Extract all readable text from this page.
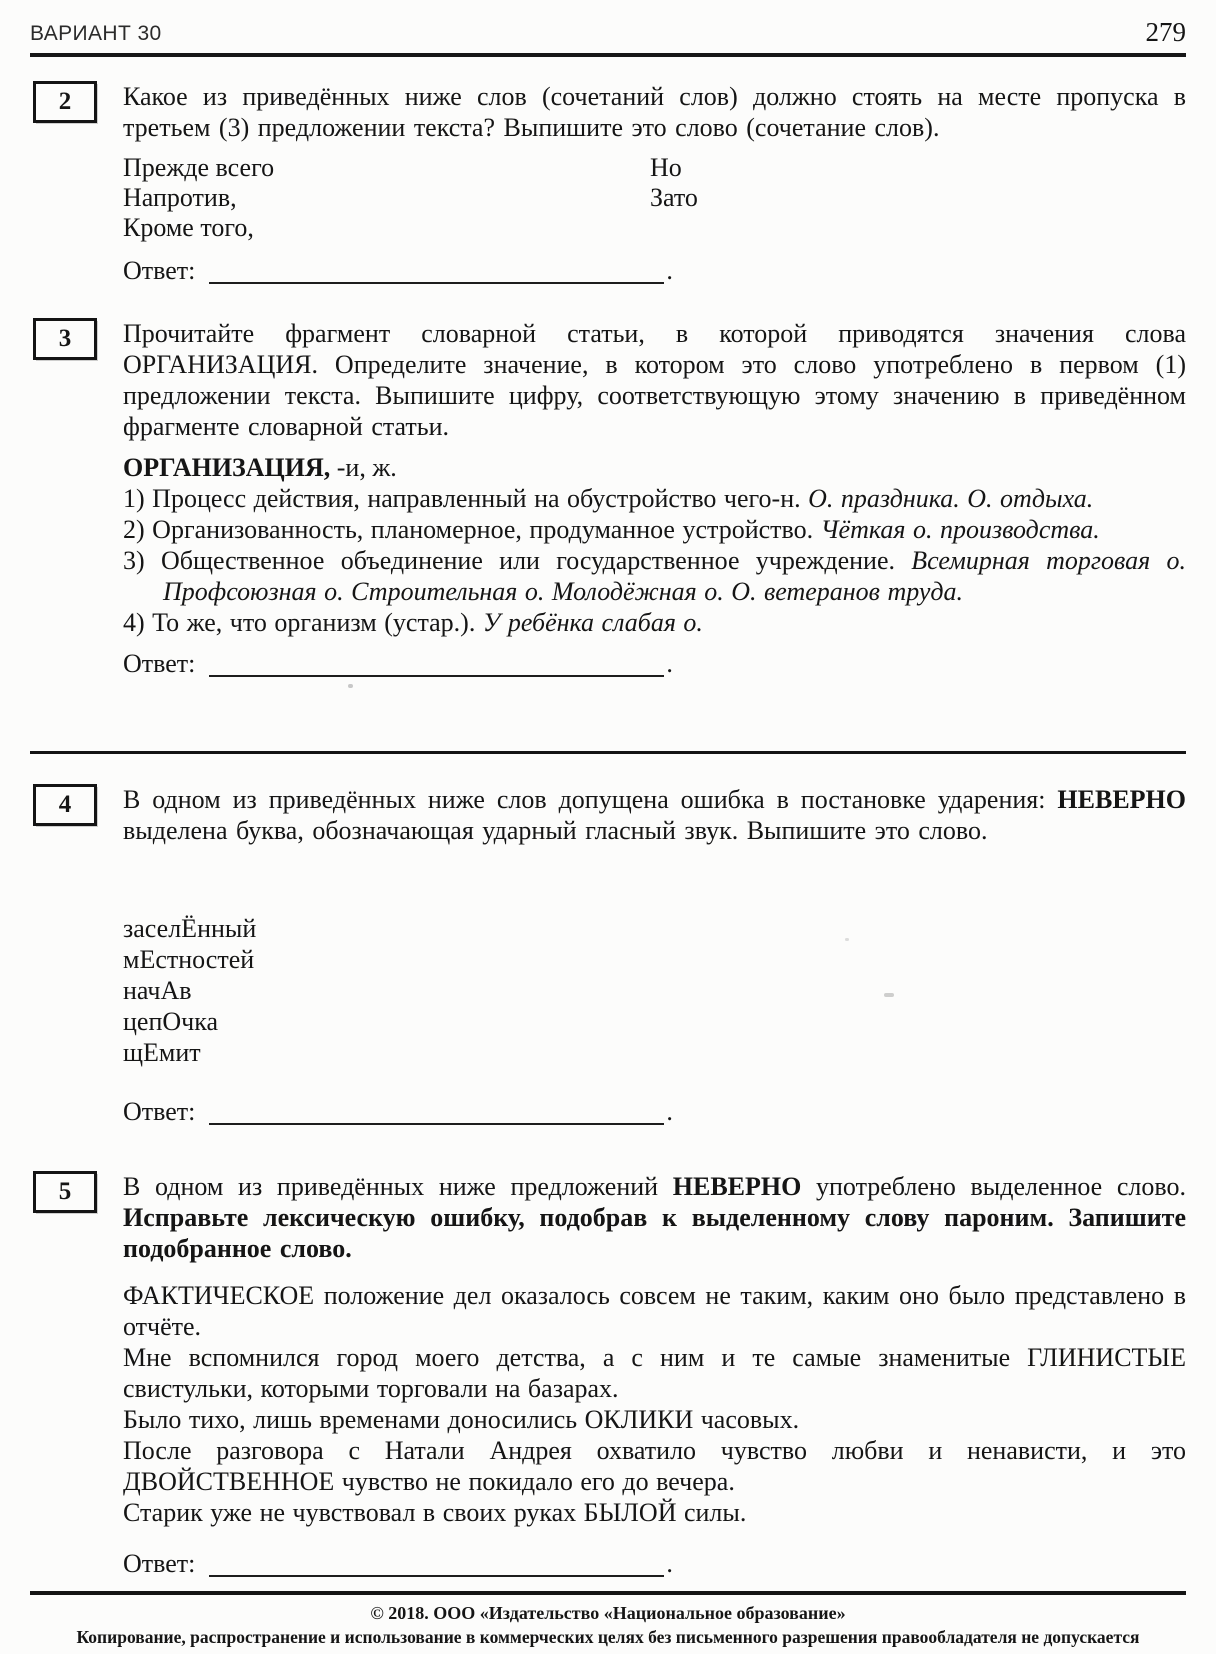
ВАРИАНТ 30	279
2 Какое из приведённых ниже слов (сочетаний слов) должно стоять на месте пропуска в третьем (3) предложении текста? Выпишите это слово (сочетание слов).

Прежде всего
Напротив,
Кроме того,
Но
Зато
Ответ:	.
3 Прочитайте фрагмент словарной статьи, в которой приводятся значения слова ОРГАНИЗАЦИЯ. Определите значение, в котором это слово употреблено в первом (1) предложении текста. Выпишите цифру, соответствующую этому значению в приведённом фрагменте словарной статьи.

ОРГАНИЗАЦИЯ, -и, ж.

1) Процесс действия, направленный на обустройство чего-н. О. праздника. О. отдыха.

2) Организованность, планомерное, продуманное устройство. Чёткая о. производства.

3) Общественное объединение или государственное учреждение. Всемирная торговая о. Профсоюзная о. Строительная о. Молодёжная о. О. ветеранов труда.

4) То же, что организм (устар.). У ребёнка слабая о.

Ответ:	.
4 В одном из приведённых ниже слов допущена ошибка в постановке ударения: НЕВЕРНО выделена буква, обозначающая ударный гласный звук. Выпишите это слово.

заселЁнный
мЕстностей
начАв
цепОчка
щЕмит
Ответ:	.
5 В одном из приведённых ниже предложений НЕВЕРНО употреблено выделенное слово. Исправьте лексическую ошибку, подобрав к выделенному слову пароним. Запишите подобранное слово.

ФАКТИЧЕСКОЕ положение дел оказалось совсем не таким, каким оно было представлено в отчёте.

Мне вспомнился город моего детства, а с ним и те самые знаменитые ГЛИНИСТЫЕ свистульки, которыми торговали на базарах.

Было тихо, лишь временами доносились ОКЛИКИ часовых.

После разговора с Натали Андрея охватило чувство любви и ненависти, и это ДВОЙСТВЕННОЕ чувство не покидало его до вечера.

Старик уже не чувствовал в своих руках БЫЛОЙ силы.

Ответ:	.

© 2018. ООО «Издательство «Национальное образование»

Копирование, распространение и использование в коммерческих целях без письменного разрешения правообладателя не допускается
